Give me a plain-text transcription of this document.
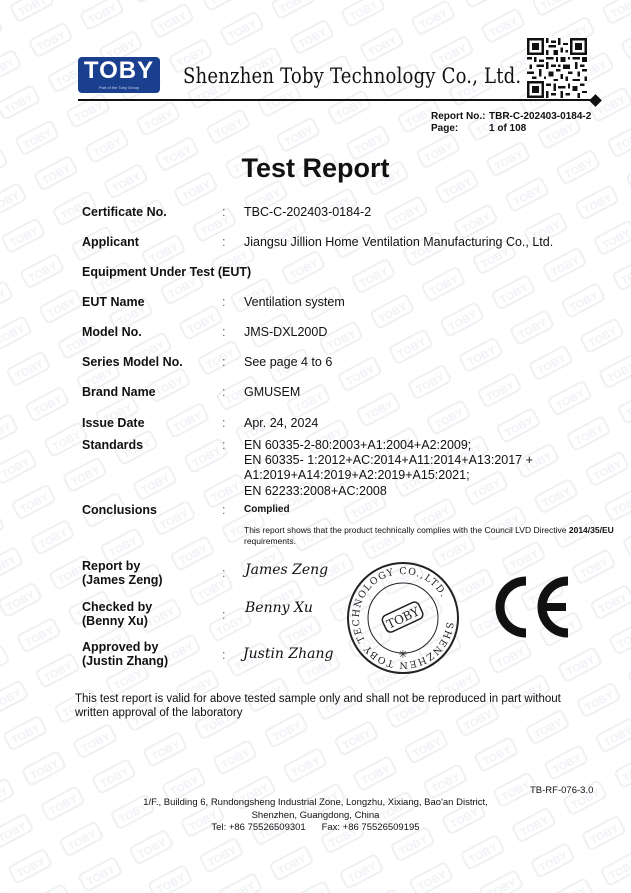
TOBY
Part of the Toby Group	Shenzhen Toby Technology Co., Ltd.
Report No.: TBR-C-202403-0184-2
Page:	1 of 108
Test Report
Certificate No.	: TBC-C-202403-0184-2
Applicant	: Jiangsu Jillion Home Ventilation Manufacturing Co., Ltd.
Equipment Under Test (EUT)
EUT Name	: Ventilation system
Model No.	: JMS-DXL200D
Series Model No.	: See page 4 to 6
Brand Name	: GMUSEM
Issue Date	: Apr. 24, 2024
Standards	: EN 60335-2-80:2003+A1:2004+A2:2009;
EN 60335- 1:2012+AC:2014+A11:2014+A13:2017 +
A1:2019+A14:2019+A2:2019+A15:2021;
EN 62233:2008+AC:2008
Conclusions	: Complied
This report shows that the product technically complies with the Council LVD Directive 2014/35/EU requirements.
Report by
(James Zeng)	: James Zeng
Checked by
(Benny Xu)	: Benny Xu
Approved by
(Justin Zhang)	: Justin Zhang
SHENZHEN TOBY TECHNOLOGY CO.,LTD.
TOBY
✳
This test report is valid for above tested sample only and shall not be reproduced in part without written approval of the laboratory
TB-RF-076-3.0
1/F., Building 6, Rundongsheng Industrial Zone, Longzhu, Xixiang, Bao'an District,
Shenzhen, Guangdong, China
Tel: +86 75526509301 Fax: +86 75526509195
